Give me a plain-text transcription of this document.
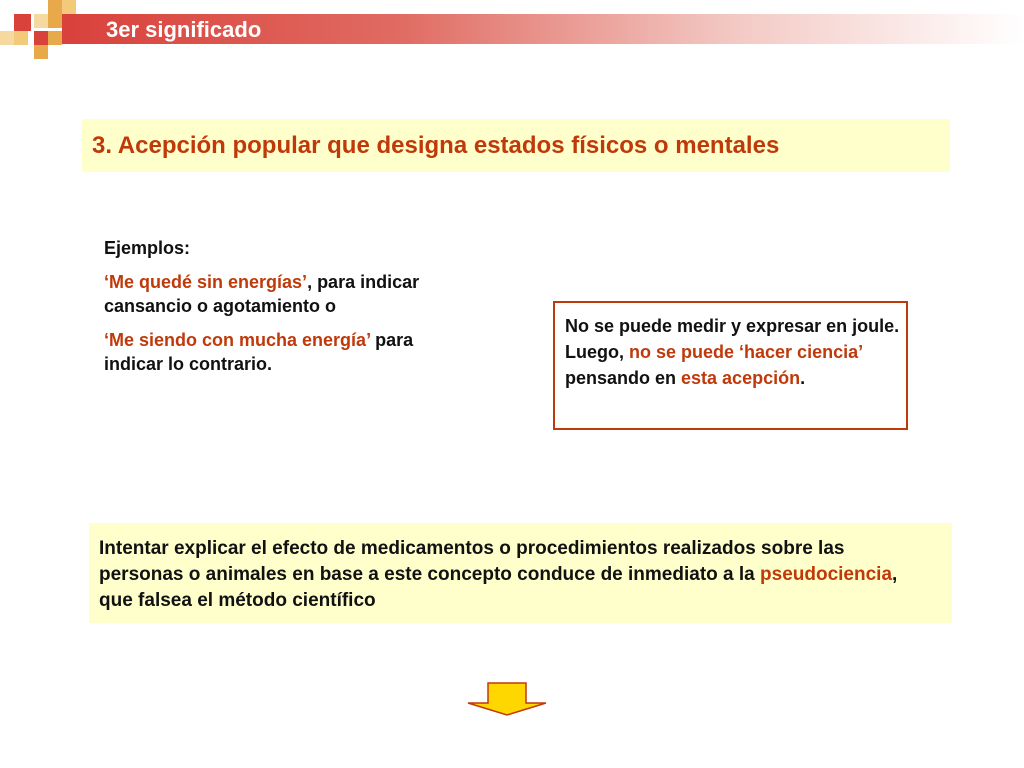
3er significado
3. Acepción popular que designa estados físicos o mentales

Ejemplos:

‘Me quedé sin energías’, para indicar cansancio o agotamiento o

‘Me siendo con mucha energía’ para indicar lo contrario.

No se puede medir y expresar en joule. Luego, no se puede ‘hacer ciencia’ pensando en esta acepción.
Intentar explicar el efecto de medicamentos o procedimientos realizados sobre las personas o animales en base a este concepto conduce de inmediato a la pseudociencia, que falsea el método científico
